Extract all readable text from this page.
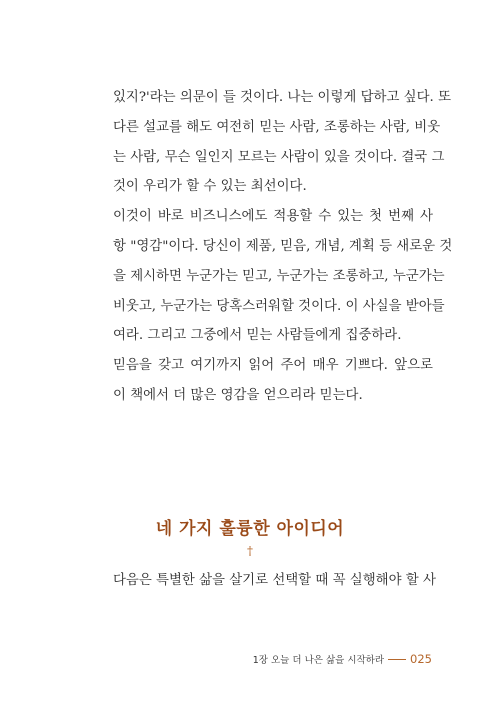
있지?'라는 의문이 들 것이다. 나는 이렇게 답하고 싶다. 또
다른 설교를 해도 여전히 믿는 사람, 조롱하는 사람, 비웃
는 사람, 무슨 일인지 모르는 사람이 있을 것이다. 결국 그
것이 우리가 할 수 있는 최선이다.
이것이 바로 비즈니스에도 적용할 수 있는 첫 번째 사
항 "영감"이다. 당신이 제품, 믿음, 개념, 계획 등 새로운 것
을 제시하면 누군가는 믿고, 누군가는 조롱하고, 누군가는
비웃고, 누군가는 당혹스러워할 것이다. 이 사실을 받아들
여라. 그리고 그중에서 믿는 사람들에게 집중하라.
믿음을 갖고 여기까지 읽어 주어 매우 기쁘다. 앞으로
이 책에서 더 많은 영감을 얻으리라 믿는다.
네 가지 훌륭한 아이디어
†
다음은 특별한 삶을 살기로 선택할 때 꼭 실행해야 할 사
1장 오늘 더 나은 삶을 시작하라 025
